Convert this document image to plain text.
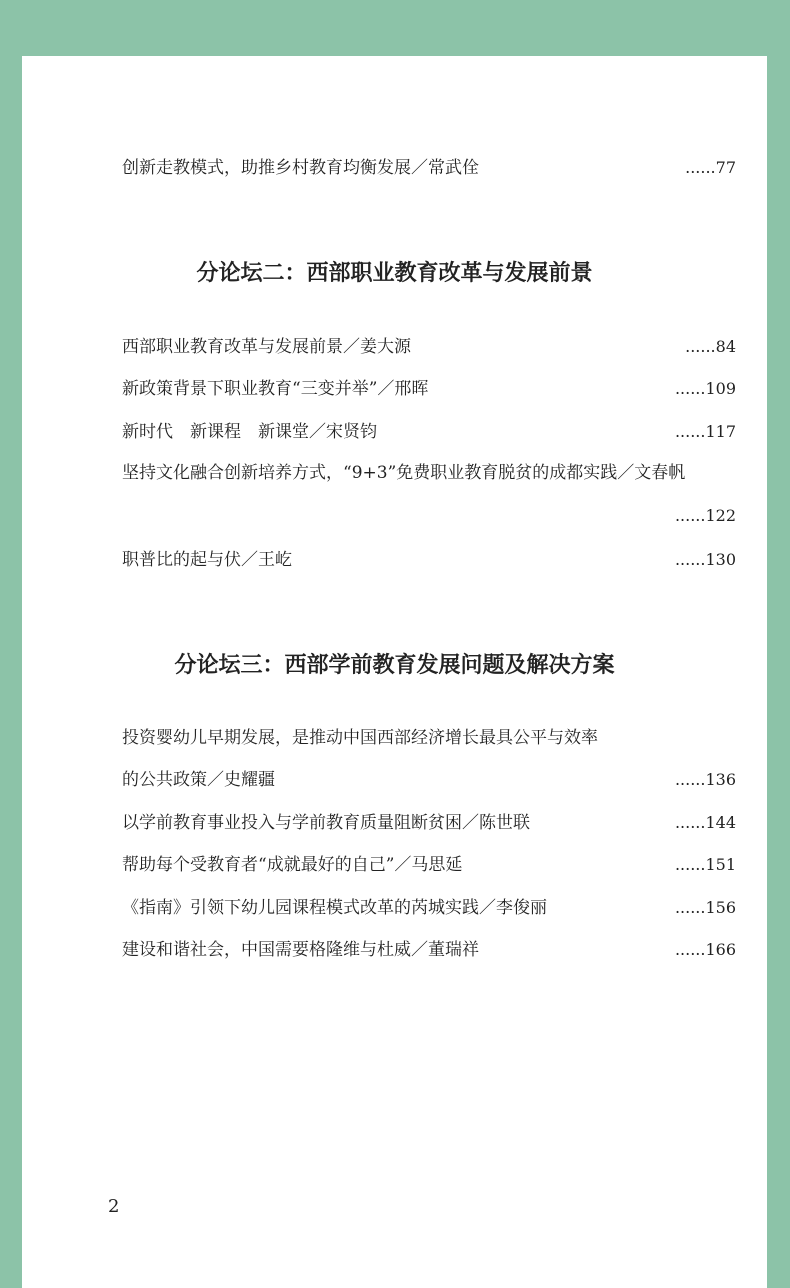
创新走教模式，助推乡村教育均衡发展／常武佺	......77
分论坛二：西部职业教育改革与发展前景
西部职业教育改革与发展前景／姜大源	......84
新政策背景下职业教育“三变并举”／邢晖	......109
新时代　新课程　新课堂／宋贤钧	......117
坚持文化融合创新培养方式，“9+3”免费职业教育脱贫的成都实践／文春帆
......122
职普比的起与伏／王屹	......130
分论坛三：西部学前教育发展问题及解决方案
投资婴幼儿早期发展，是推动中国西部经济增长最具公平与效率
的公共政策／史耀疆	......136
以学前教育事业投入与学前教育质量阻断贫困／陈世联	......144
帮助每个受教育者“成就最好的自己”／马思延	......151
《指南》引领下幼儿园课程模式改革的芮城实践／李俊丽	......156
建设和谐社会，中国需要格隆维与杜威／董瑞祥	......166
2
